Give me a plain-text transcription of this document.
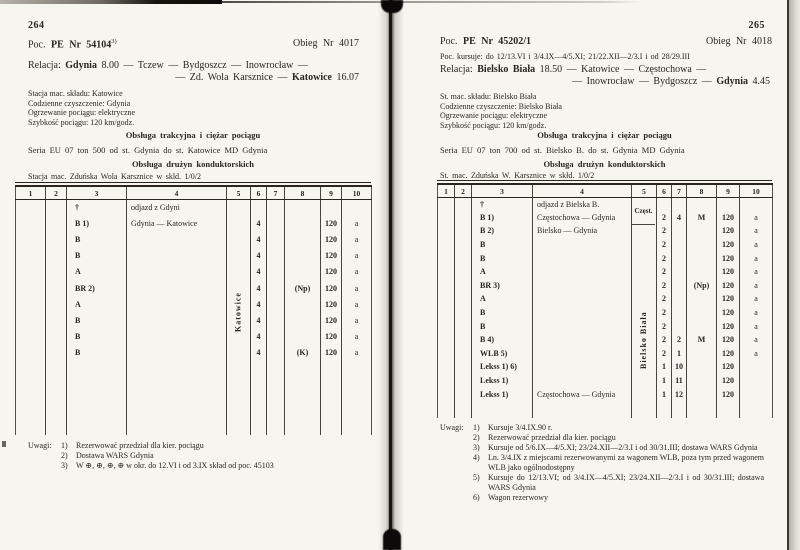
264
Poc. PE Nr 54104$^{3)}$	Obieg Nr 4017
Relacja: Gdynia 8.00 — Tczew — Bydgoszcz — Inowrocław —
— Zd. Wola Karsznice — Katowice 16.07
Stacja mac. składu: Katowice
Codzienne czyszczenie: Gdynia
Ogrzewanie pociągu: elektryczne
Szybkość pociągu: 120 km/godz.
Obsługa trakcyjna i ciężar pociągu
Seria EU 07 ton 500 od st. Gdynia do st. Katowice MD Gdynia
Obsługa drużyn konduktorskich
Stacja mac. Zduńska Wola Karsznice w skld. 1/0/2
1	2	3	4	5	6	7	8	9	10
		†	odjazd z Gdyni						
		B 1)	Gdynia — Katowice		4			120	a
		B			4			120	a
		B			4			120	a
		A			4			120	a
		BR 2)			4		(Np)	120	a
		A			4			120	a
		B			4			120	a
		B			4			120	a
		B			4		(K)	120	a

Katowice
Uwagi:	1)	Rezerwować przedział dla kier. pociągu
2)	Dostawa WARS Gdynia
3)	W ⊕, ⊕, ⊕, ⊕ w okr. do 12.VI i od 3.IX skład od poc. 45103
265
Poc. PE Nr 45202/1	Obieg Nr 4018
Poc. kursuje: do 12/13.VI i 3/4.IX—4/5.XI; 21/22.XII—2/3.I i od 28/29.III
Relacja: Bielsko Biała 18.50 — Katowice — Częstochowa —
— Inowrocław — Bydgoszcz — Gdynia 4.45
St. mac. składu: Bielsko Biała
Codzienne czyszczenie: Bielsko Biała
Ogrzewanie pociągu: elektryczne
Szybkość pociągu: 120 km/godz.
Obsługa trakcyjna i ciężar pociągu
Seria EU 07 ton 700 od st. Bielsko B. do st. Gdynia MD Gdynia
Obsługa drużyn konduktorskich
St. mac. Zduńska W. Karsznice w skłd. 1/0/2
1	2	3	4	5	6	7	8	9	10
		†	odjazd z Bielska B.						
		B 1)	Częstochowa — Gdynia		2	4	M	120	a
		B 2)	Bielsko — Gdynia		2			120	a
		B			2			120	a
		B			2			120	a
		A			2			120	a
		BR 3)			2		(Np)	120	a
		A			2			120	a
		B			2			120	a
		B			2			120	a
		B 4)			2	2	M	120	a
		WLB 5)			2	1		120	a
		Lekss 1) 6)			1	10		120	
		Lekss 1)			1	11		120	
		Lekss 1)	Częstochowa — Gdynia		1	12		120	

Częst.
Bielsko Biała
Uwagi:	1)	Kursuje 3/4.IX.90 r.
2)	Rezerwować przedział dla kier. pociągu
3)	Kursuje od 5/6.IX—4/5.XI; 23/24.XII—2/3.I i od 30/31.III; dostawa WARS Gdynia
4)	Ln. 3/4.IX z miejscami rezerwowanymi za wagonem WLB, poza tym przed wagonem WLB jako ogólnodostępny
5)	Kursuje do 12/13.VI; od 3/4.IX—4/5.XI; 23/24.XII—2/3.I i od 30/31.III; dostawa WARS Gdynia
6)	Wagon rezerwowy
